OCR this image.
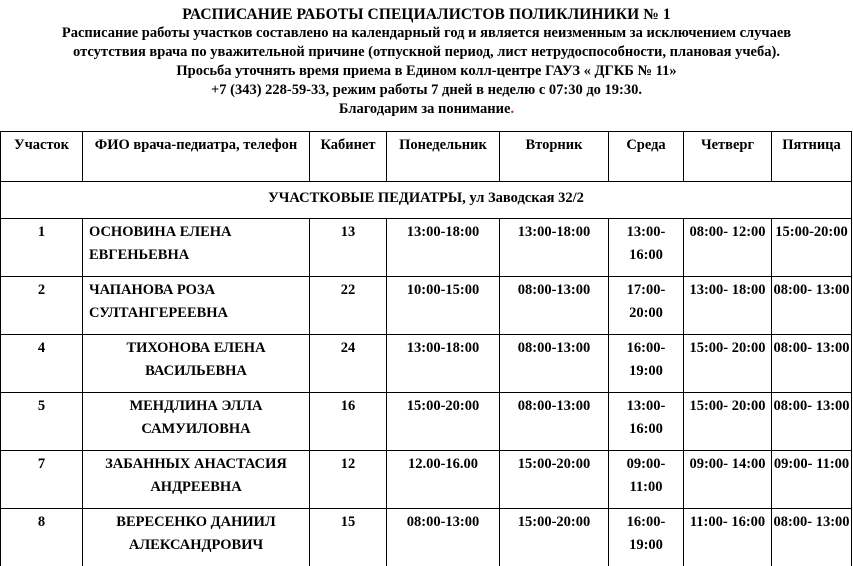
РАСПИСАНИЕ РАБОТЫ СПЕЦИАЛИСТОВ ПОЛИКЛИНИКИ № 1
Расписание работы участков составлено на календарный год и является неизменным за исключением случаев
отсутствия врача по уважительной причине (отпускной период, лист нетрудоспособности, плановая учеба).
Просьба уточнять время приема в Едином колл-центре ГАУЗ « ДГКБ № 11»
+7 (343) 228-59-33, режим работы 7 дней в неделю с 07:30 до 19:30.
Благодарим за понимание.
Участок	ФИО врача-педиатра, телефон	Кабинет	Понедельник	Вторник	Среда	Четверг	Пятница
УЧАСТКОВЫЕ ПЕДИАТРЫ, ул Заводская 32/2							
1	ОСНОВИНА ЕЛЕНА ЕВГЕНЬЕВНА	13	13:00-18:00	13:00-18:00	13:00- 16:00	08:00- 12:00	15:00-20:00
2	ЧАПАНОВА РОЗА СУЛТАНГЕРЕЕВНА	22	10:00-15:00	08:00-13:00	17:00- 20:00	13:00- 18:00	08:00- 13:00
4	ТИХОНОВА ЕЛЕНА ВАСИЛЬЕВНА	24	13:00-18:00	08:00-13:00	16:00- 19:00	15:00- 20:00	08:00- 13:00
5	МЕНДЛИНА ЭЛЛА САМУИЛОВНА	16	15:00-20:00	08:00-13:00	13:00- 16:00	15:00- 20:00	08:00- 13:00
7	ЗАБАННЫХ АНАСТАСИЯ АНДРЕЕВНА	12	12.00-16.00	15:00-20:00	09:00- 11:00	09:00- 14:00	09:00- 11:00
8	ВЕРЕСЕНКО ДАНИИЛ АЛЕКСАНДРОВИЧ	15	08:00-13:00	15:00-20:00	16:00- 19:00	11:00- 16:00	08:00- 13:00
